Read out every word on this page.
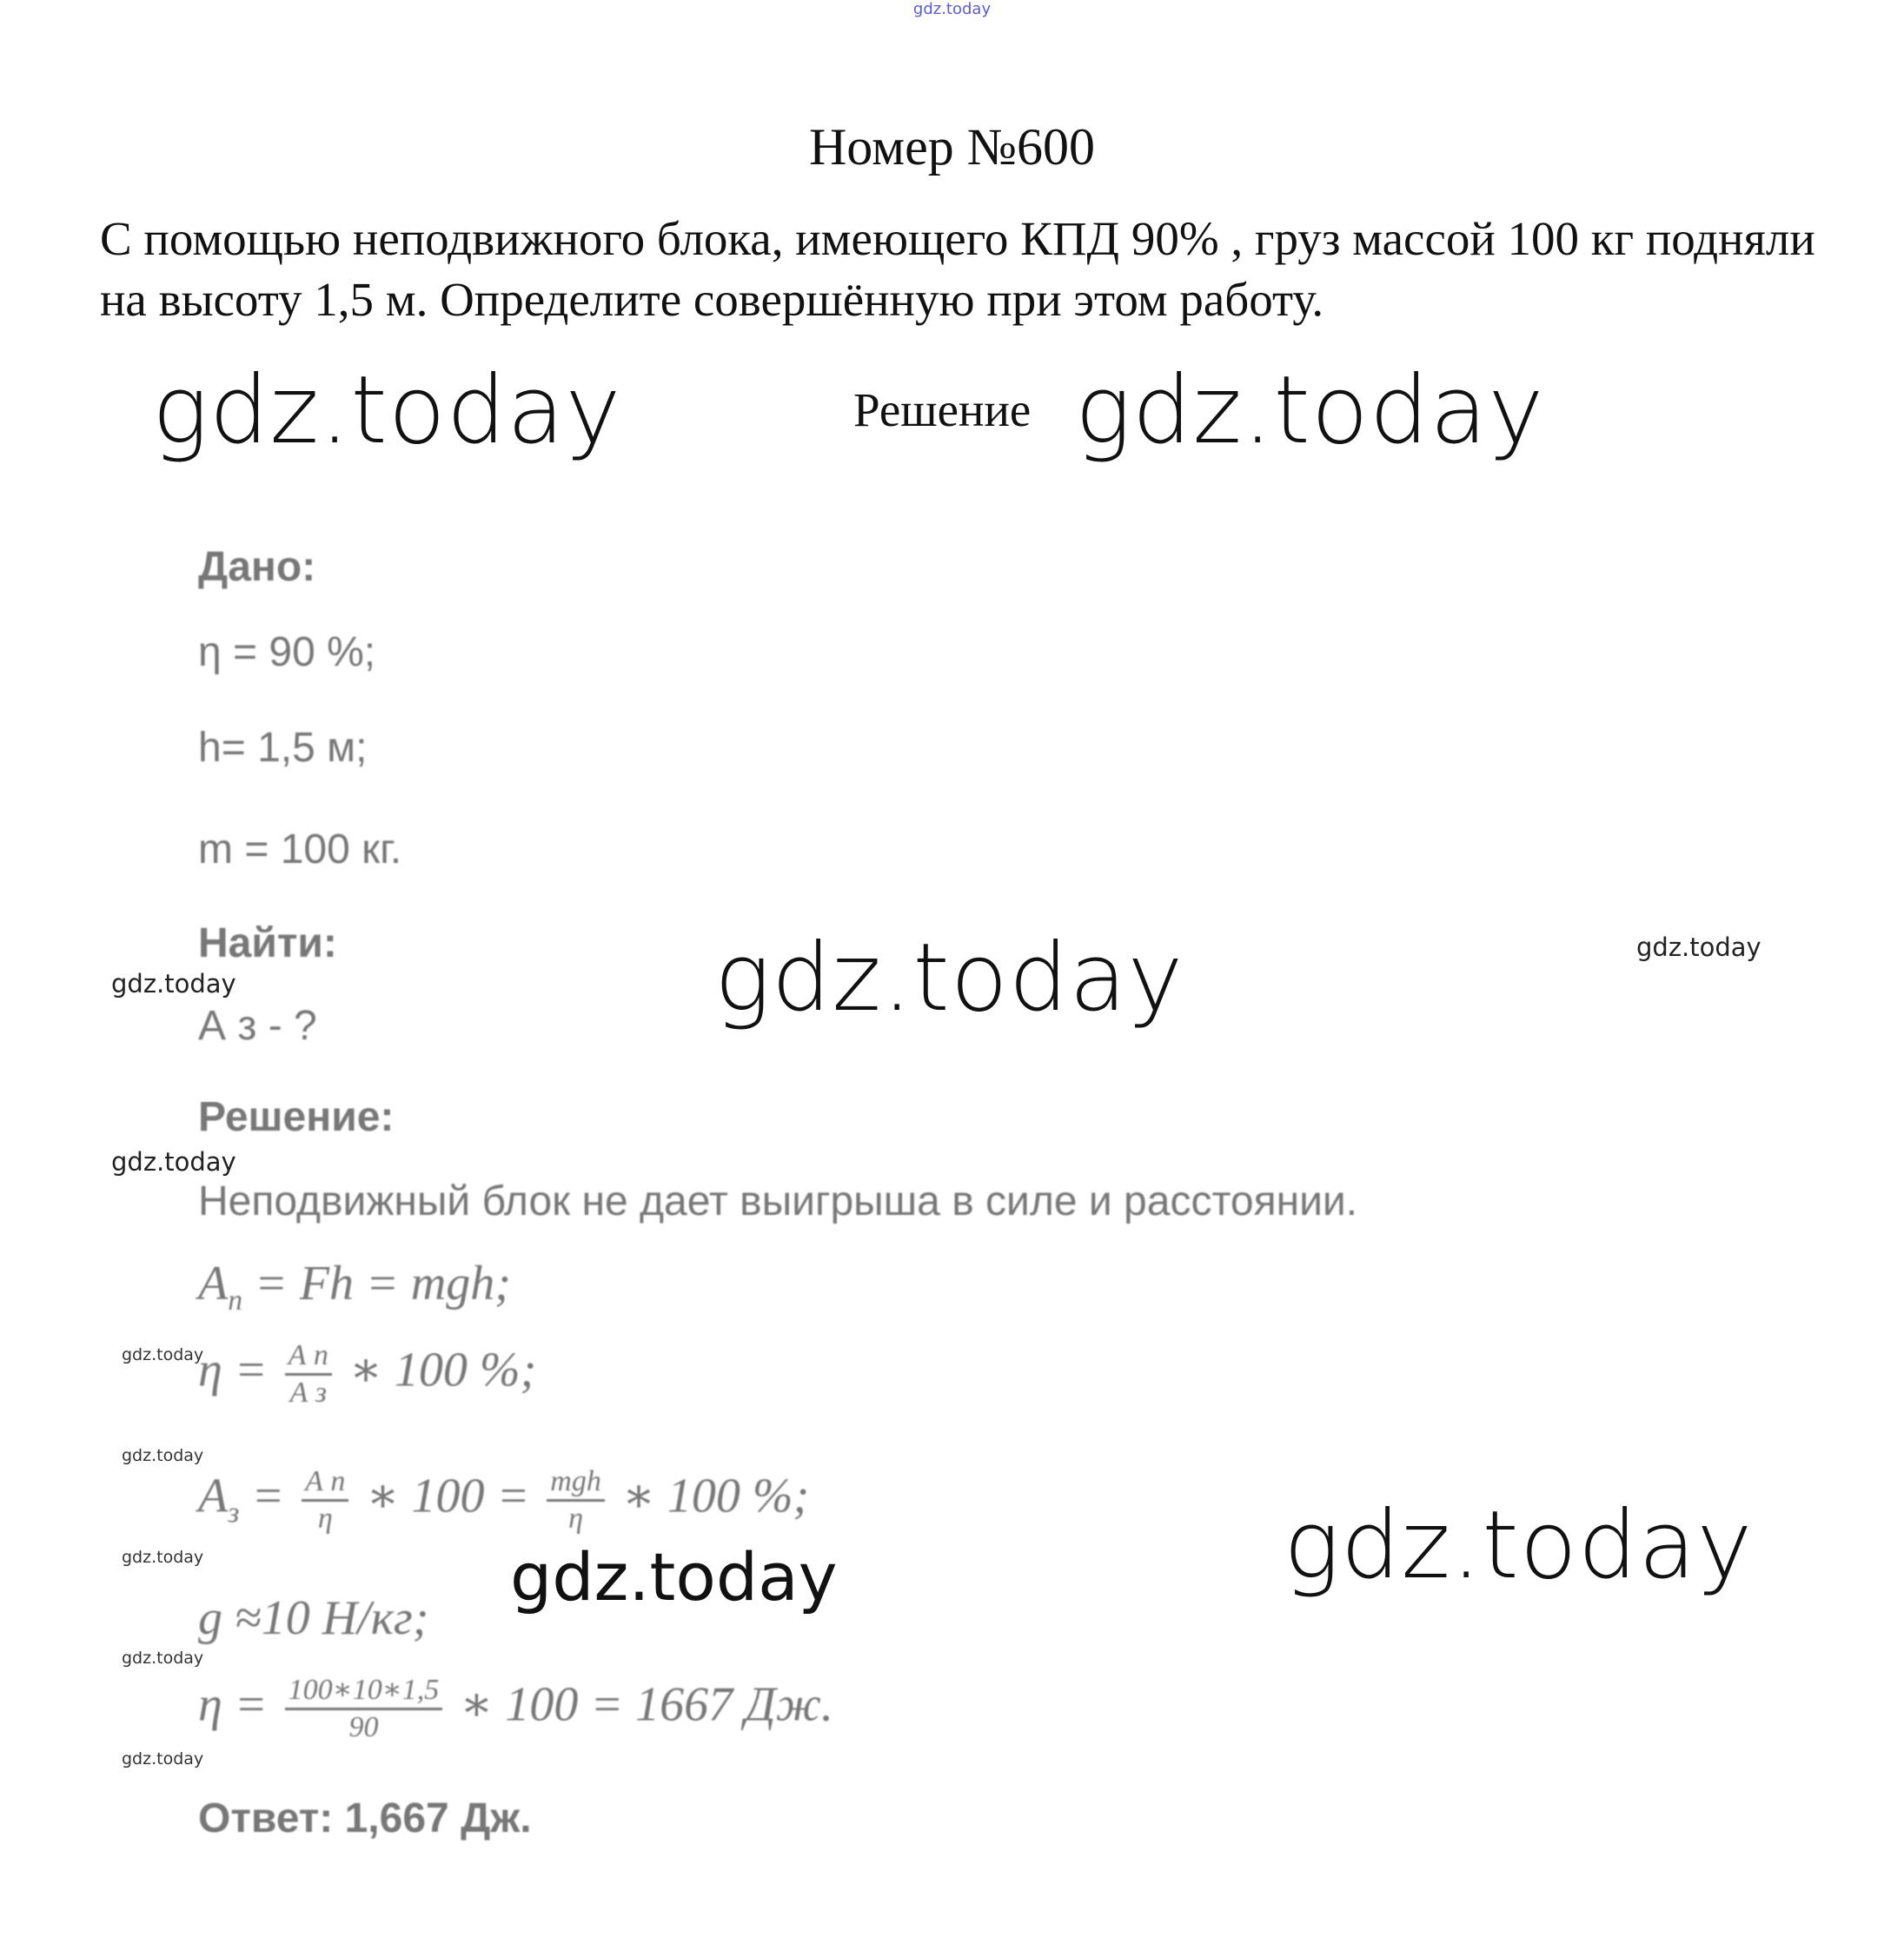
gdz.today
Номер №600
С помощью неподвижного блока, имеющего КПД 90% , груз массой 100 кг подняли на высоту 1,5 м. Определите совершённую при этом работу.
Решение
gdz.today	gdz.today
gdz.today
gdz.today
gdz.today
gdz.today
gdz.today
gdz.today
gdz.today
gdz.today
gdz.today
gdz.today
gdz.today
Дано:
η = 90 %;
h= 1,5 м;
m = 100 кг.
Найти:
А з - ?
Решение:
Неподвижный блок не дает выигрыша в силе и расстоянии.
$А_п = Fh$ = mgh;
$\eta = \frac{\text{А п}}{\text{А з}}$ ∗ 100 %;
$А_з = \frac{\text{А п}}{\eta}$ ∗ $100 = \frac{\text{mgh}}{\eta}$ ∗ 100 %;
g ≈10 Н/кг;
$\eta = \frac{100∗10∗1,5}{90}$ ∗ 100 = 1667 Дж.
Ответ: 1,667 Дж.
